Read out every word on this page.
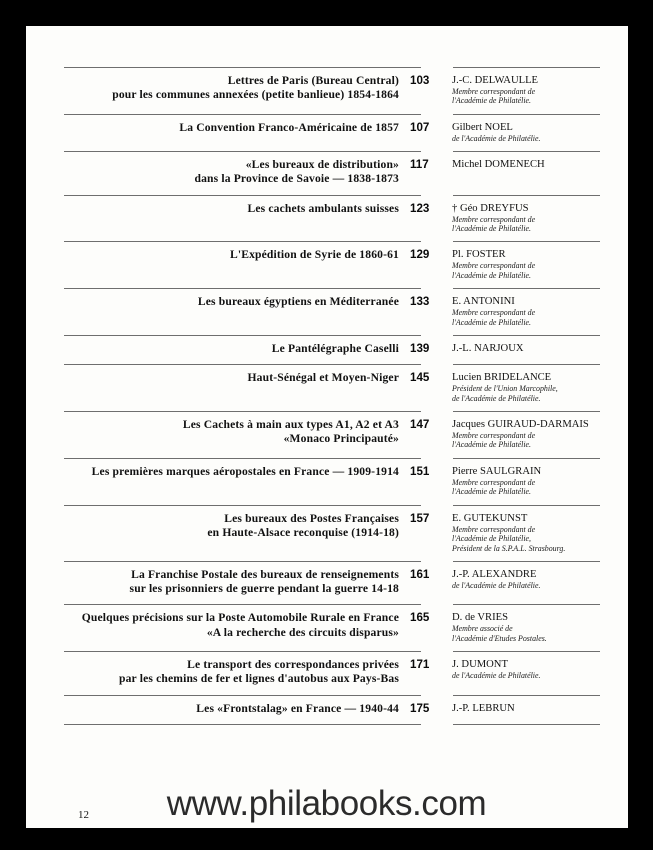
Lettres de Paris (Bureau Central)
pour les communes annexées (petite banlieue) 1854-1864
103	J.-C. DELWAULLE
Membre correspondant de
l'Académie de Philatélie.
La Convention Franco-Américaine de 1857 107	Gilbert NOEL
de l'Académie de Philatélie.
«Les bureaux de distribution»
dans la Province de Savoie — 1838-1873
117	Michel DOMENECH
Les cachets ambulants suisses 123	† Géo DREYFUS
Membre correspondant de
l'Académie de Philatélie.
L'Expédition de Syrie de 1860-61 129	Pl. FOSTER
Membre correspondant de
l'Académie de Philatélie.
Les bureaux égyptiens en Méditerranée 133	E. ANTONINI
Membre correspondant de
l'Académie de Philatélie.
Le Pantélégraphe Caselli 139	J.-L. NARJOUX
Haut-Sénégal et Moyen-Niger 145	Lucien BRIDELANCE
Président de l'Union Marcophile,
de l'Académie de Philatélie.
Les Cachets à main aux types A1, A2 et A3
«Monaco Principauté»
147	Jacques GUIRAUD-DARMAIS
Membre correspondant de
l'Académie de Philatélie.
Les premières marques aéropostales en France — 1909-1914 151	Pierre SAULGRAIN
Membre correspondant de
l'Académie de Philatélie.
Les bureaux des Postes Françaises
en Haute-Alsace reconquise (1914-18)
157	E. GUTEKUNST
Membre correspondant de
l'Académie de Philatélie,
Président de la S.P.A.L. Strasbourg.
La Franchise Postale des bureaux de renseignements
sur les prisonniers de guerre pendant la guerre 14-18
161	J.-P. ALEXANDRE
de l'Académie de Philatélie.
Quelques précisions sur la Poste Automobile Rurale en France
«A la recherche des circuits disparus»
165	D. de VRIES
Membre associé de
l'Académie d'Etudes Postales.
Le transport des correspondances privées
par les chemins de fer et lignes d'autobus aux Pays-Bas
171	J. DUMONT
de l'Académie de Philatélie.
Les «Frontstalag» en France — 1940-44 175	J.-P. LEBRUN
12	www.philabooks.com
